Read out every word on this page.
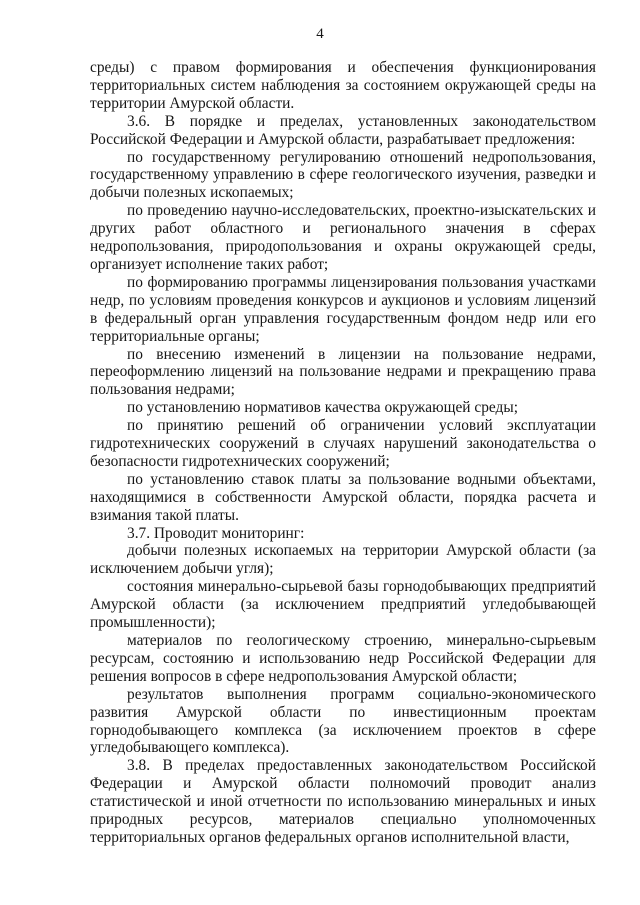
4

среды) с правом формирования и обеспечения функционирования территориальных систем наблюдения за состоянием окружающей среды на территории Амурской области.

3.6. В порядке и пределах, установленных законодательством Российской Федерации и Амурской области, разрабатывает предложения:

по государственному регулированию отношений недропользования, государственному управлению в сфере геологического изучения, разведки и добычи полезных ископаемых;

по проведению научно-исследовательских, проектно-изыскательских и других работ областного и регионального значения в сферах недропользования, природопользования и охраны окружающей среды, организует исполнение таких работ;

по формированию программы лицензирования пользования участками недр, по условиям проведения конкурсов и аукционов и условиям лицензий в федеральный орган управления государственным фондом недр или его территориальные органы;

по внесению изменений в лицензии на пользование недрами, переоформлению лицензий на пользование недрами и прекращению права пользования недрами;

по установлению нормативов качества окружающей среды;

по принятию решений об ограничении условий эксплуатации гидротехнических сооружений в случаях нарушений законодательства о безопасности гидротехнических сооружений;

по установлению ставок платы за пользование водными объектами, находящимися в собственности Амурской области, порядка расчета и взимания такой платы.

3.7. Проводит мониторинг:

добычи полезных ископаемых на территории Амурской области (за исключением добычи угля);

состояния минерально-сырьевой базы горнодобывающих предприятий Амурской области (за исключением предприятий угледобывающей промышленности);

материалов по геологическому строению, минерально-сырьевым ресурсам, состоянию и использованию недр Российской Федерации для решения вопросов в сфере недропользования Амурской области;

результатов выполнения программ социально-экономического развития Амурской области по инвестиционным проектам горнодобывающего комплекса (за исключением проектов в сфере угледобывающего комплекса).

3.8. В пределах предоставленных законодательством Российской Федерации и Амурской области полномочий проводит анализ статистической и иной отчетности по использованию минеральных и иных природных ресурсов, материалов специально уполномоченных территориальных органов федеральных органов исполнительной власти,
